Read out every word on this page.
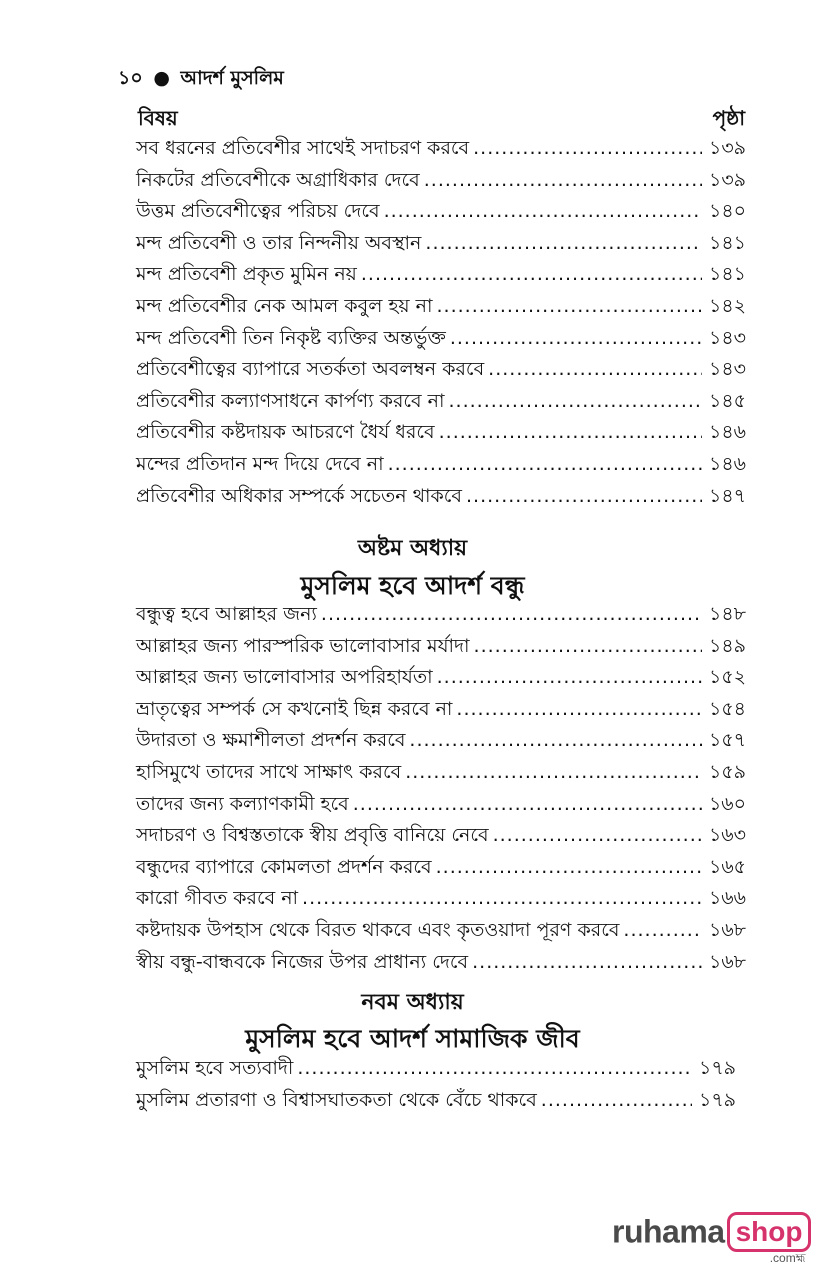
১০ ● আদর্শ মুসলিম
বিষয়	পৃষ্ঠা
সব ধরনের প্রতিবেশীর সাথেই সদাচরণ করবে .....	১৩৯
নিকটের প্রতিবেশীকে অগ্রাধিকার দেবে .....	১৩৯
উত্তম প্রতিবেশীত্বের পরিচয় দেবে .....	১৪০
মন্দ প্রতিবেশী ও তার নিন্দনীয় অবস্থান .....	১৪১
মন্দ প্রতিবেশী প্রকৃত মুমিন নয় .....	১৪১
মন্দ প্রতিবেশীর নেক আমল কবুল হয় না .....	১৪২
মন্দ প্রতিবেশী তিন নিকৃষ্ট ব্যক্তির অন্তর্ভুক্ত .....	১৪৩
প্রতিবেশীত্বের ব্যাপারে সতর্কতা অবলম্বন করবে .....	১৪৩
প্রতিবেশীর কল্যাণসাধনে কার্পণ্য করবে না .....	১৪৫
প্রতিবেশীর কষ্টদায়ক আচরণে ধৈর্য ধরবে .....	১৪৬
মন্দের প্রতিদান মন্দ দিয়ে দেবে না .....	১৪৬
প্রতিবেশীর অধিকার সম্পর্কে সচেতন থাকবে .....	১৪৭
অষ্টম অধ্যায়
মুসলিম হবে আদর্শ বন্ধু
বন্ধুত্ব হবে আল্লাহর জন্য .....	১৪৮
আল্লাহর জন্য পারস্পরিক ভালোবাসার মর্যাদা .....	১৪৯
আল্লাহর জন্য ভালোবাসার অপরিহার্যতা .....	১৫২
ভ্রাতৃত্বের সম্পর্ক সে কখনোই ছিন্ন করবে না .....	১৫৪
উদারতা ও ক্ষমাশীলতা প্রদর্শন করবে .....	১৫৭
হাসিমুখে তাদের সাথে সাক্ষাৎ করবে .....	১৫৯
তাদের জন্য কল্যাণকামী হবে .....	১৬০
সদাচরণ ও বিশ্বস্ততাকে স্বীয় প্রবৃত্তি বানিয়ে নেবে .....	১৬৩
বন্ধুদের ব্যাপারে কোমলতা প্রদর্শন করবে .....	১৬৫
কারো গীবত করবে না .....	১৬৬
কষ্টদায়ক উপহাস থেকে বিরত থাকবে এবং কৃতওয়াদা পূরণ করবে .....	১৬৮
স্বীয় বন্ধু-বান্ধবকে নিজের উপর প্রাধান্য দেবে .....	১৬৮
নবম অধ্যায়
মুসলিম হবে আদর্শ সামাজিক জীব
মুসলিম হবে সত্যবাদী .....	১৭৯
মুসলিম প্রতারণা ও বিশ্বাসঘাতকতা থেকে বেঁচে থাকবে .....	১৭৯
ruhama shop
.comহ্ম
